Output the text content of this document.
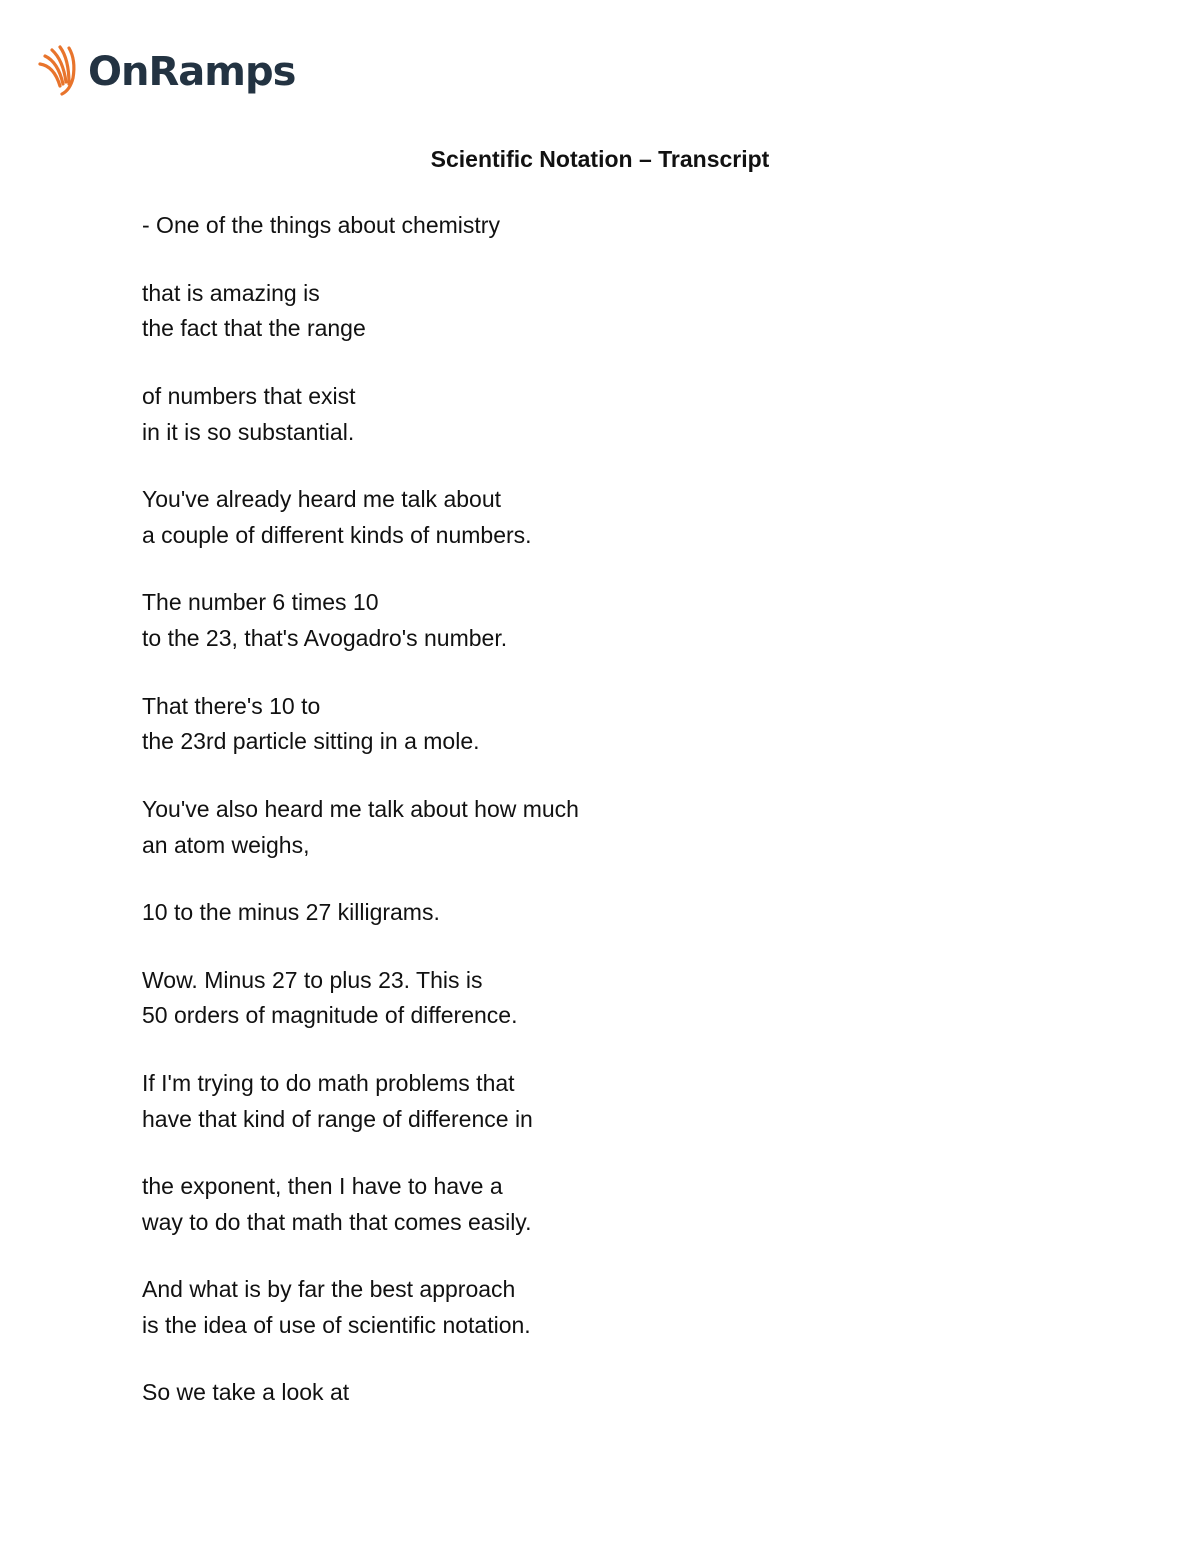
OnRamps
Scientific Notation – Transcript
- One of the things about chemistry
that is amazing is
the fact that the range
of numbers that exist
in it is so substantial.
You've already heard me talk about
a couple of different kinds of numbers.
The number 6 times 10
to the 23, that's Avogadro's number.
That there's 10 to
the 23rd particle sitting in a mole.
You've also heard me talk about how much
an atom weighs,
10 to the minus 27 killigrams.
Wow. Minus 27 to plus 23. This is
50 orders of magnitude of difference.
If I'm trying to do math problems that
have that kind of range of difference in
the exponent, then I have to have a
way to do that math that comes easily.
And what is by far the best approach
is the idea of use of scientific notation.
So we take a look at
